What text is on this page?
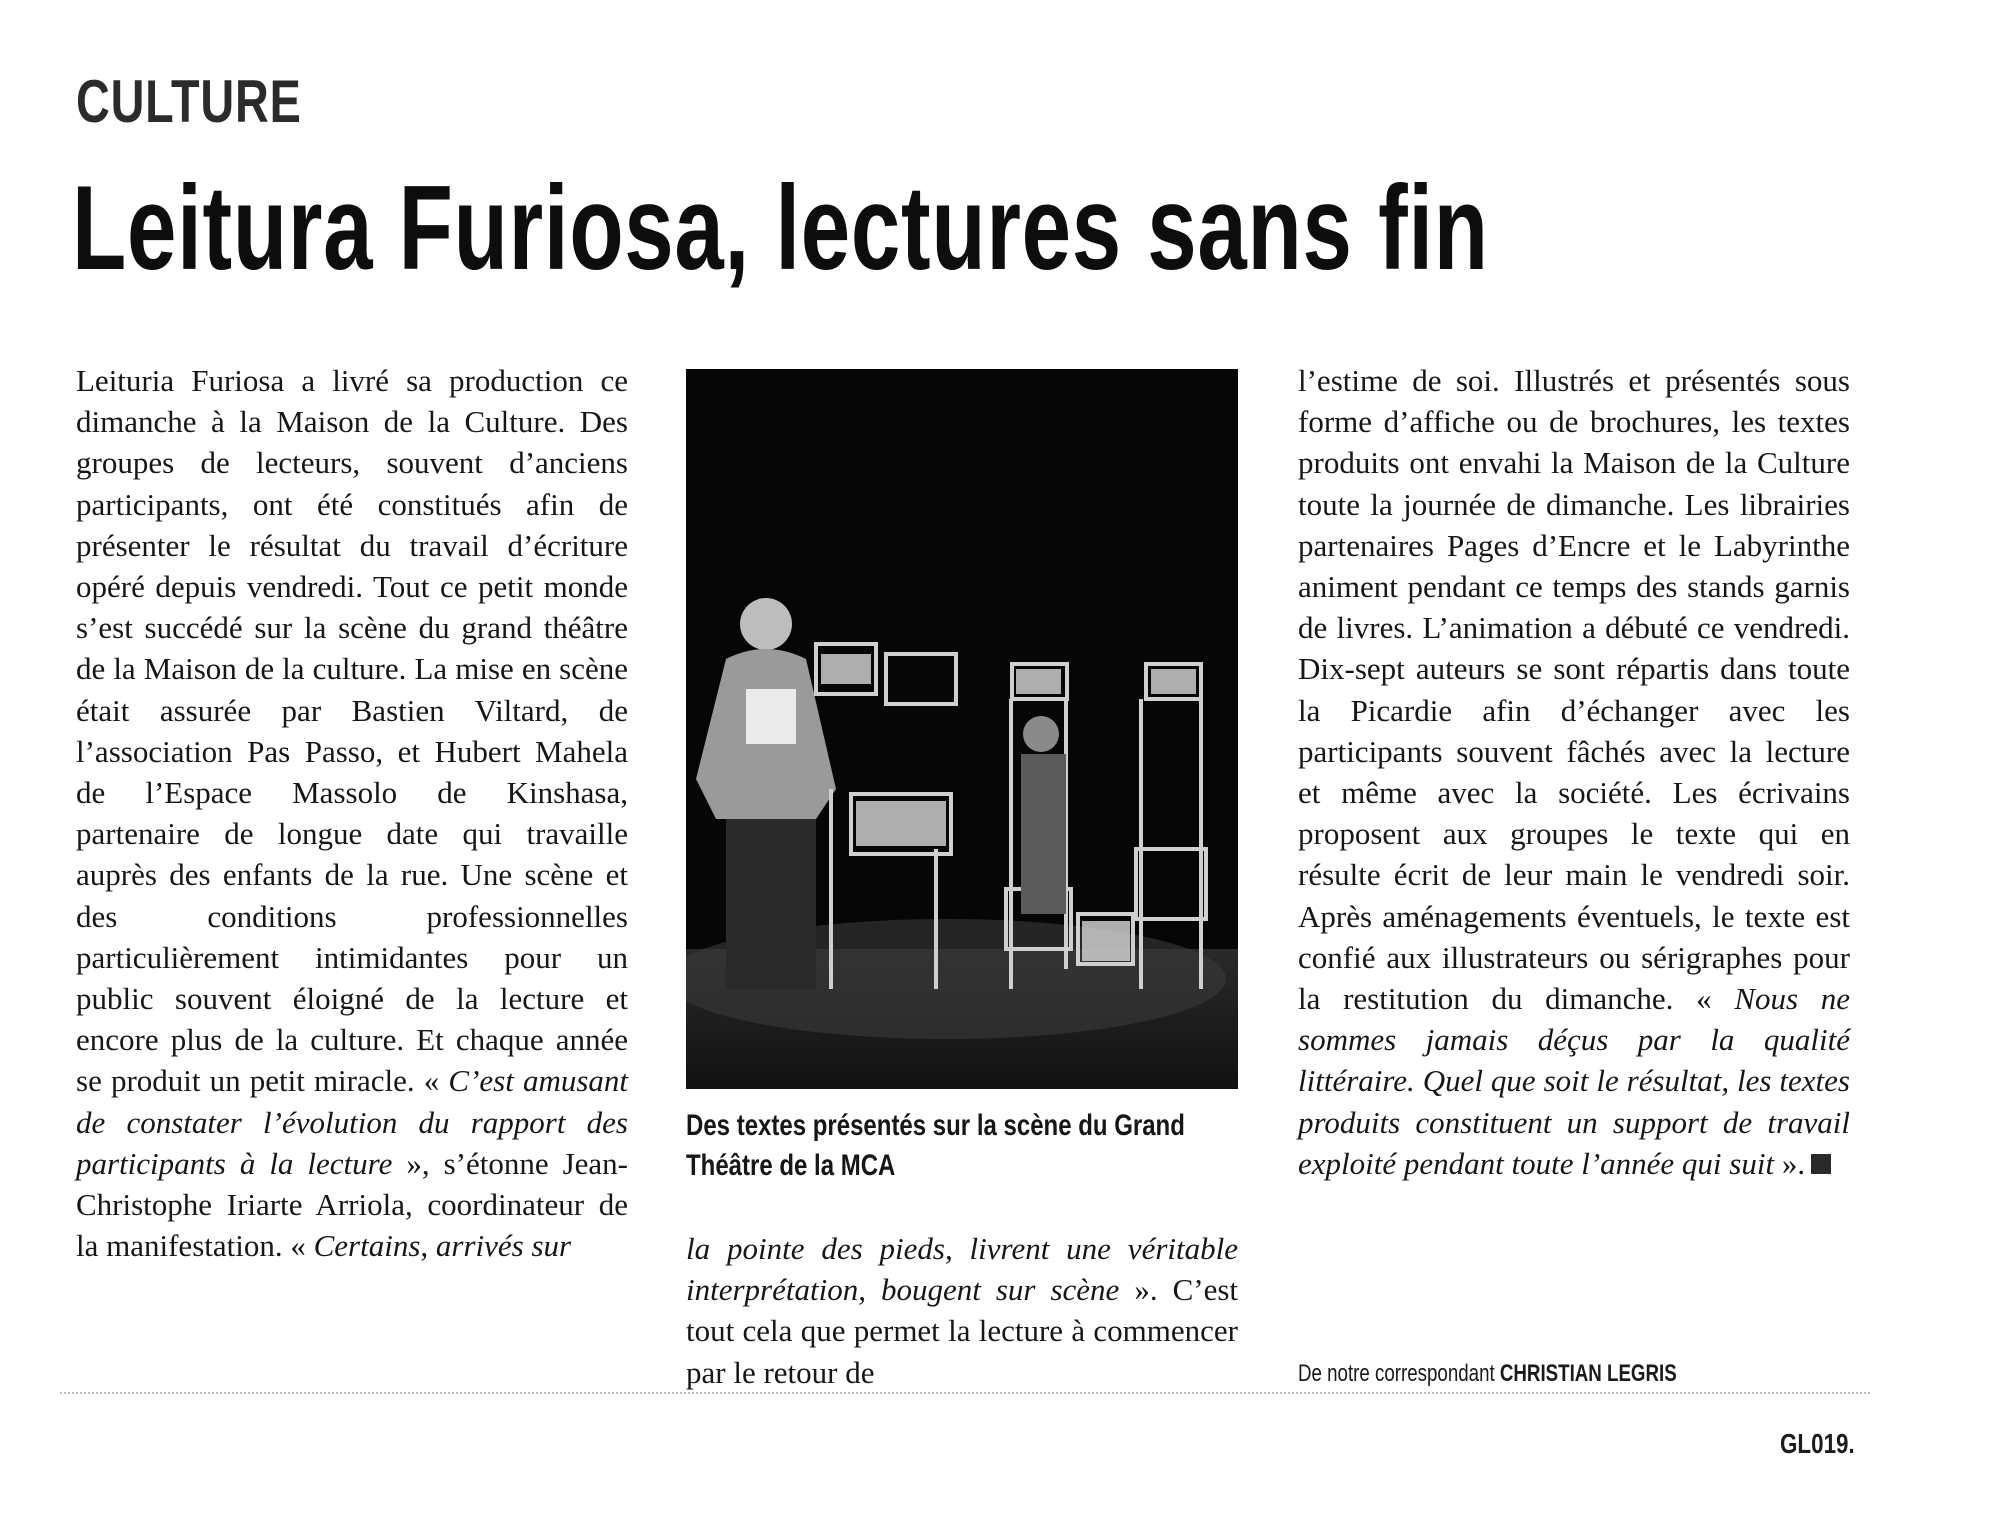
CULTURE
Leitura Furiosa, lectures sans fin

Leituria Furiosa a livré sa production ce dimanche à la Maison de la Culture. Des groupes de lecteurs, souvent d’anciens participants, ont été constitués afin de présenter le résultat du travail d’écriture opéré depuis vendredi. Tout ce petit monde s’est succédé sur la scène du grand théâtre de la Maison de la culture. La mise en scène était assurée par Bastien Viltard, de l’association Pas Passo, et Hubert Mahela de l’Espace Massolo de Kinshasa, partenaire de longue date qui travaille auprès des enfants de la rue. Une scène et des conditions professionnelles particulièrement intimidantes pour un public souvent éloigné de la lecture et encore plus de la culture. Et chaque année se produit un petit miracle. « C’est amusant de constater l’évolution du rapport des participants à la lecture », s’étonne Jean-Christophe Iriarte Arriola, coordinateur de la manifestation. « Certains, arrivés sur

Des textes présentés sur la scène du Grand
Théâtre de la MCA

la pointe des pieds, livrent une véritable interprétation, bougent sur scène ». C’est tout cela que permet la lecture à commencer par le retour de

l’estime de soi. Illustrés et présentés sous forme d’affiche ou de brochures, les textes produits ont envahi la Maison de la Culture toute la journée de dimanche. Les librairies partenaires Pages d’Encre et le Labyrinthe animent pendant ce temps des stands garnis de livres. L’animation a débuté ce vendredi. Dix-sept auteurs se sont répartis dans toute la Picardie afin d’échanger avec les participants souvent fâchés avec la lecture et même avec la société. Les écrivains proposent aux groupes le texte qui en résulte écrit de leur main le vendredi soir. Après aménagements éventuels, le texte est confié aux illustrateurs ou sérigraphes pour la restitution du dimanche. « Nous ne sommes jamais déçus par la qualité littéraire. Quel que soit le résultat, les textes produits constituent un support de travail exploité pendant toute l’année qui suit ».

De notre correspondant CHRISTIAN LEGRIS
GL019.
